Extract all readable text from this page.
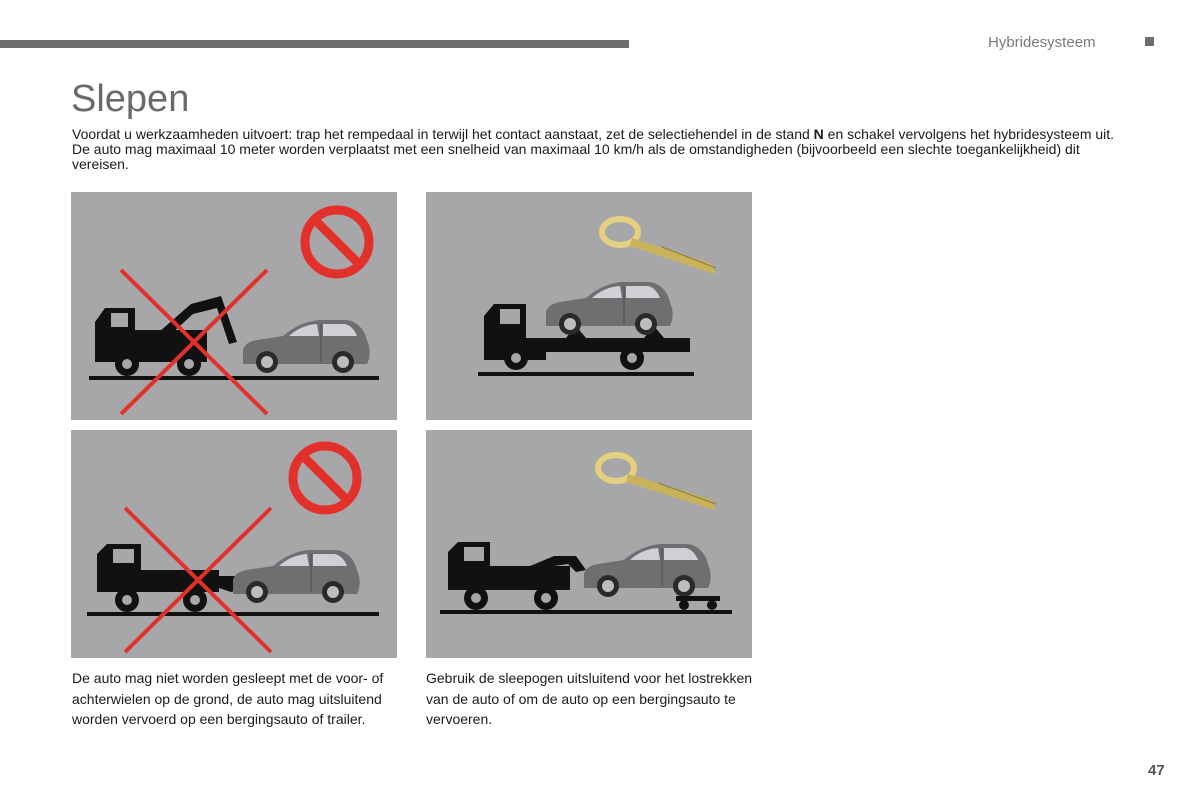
Hybridesysteem
Slepen

Voordat u werkzaamheden uitvoert: trap het rempedaal in terwijl het contact aanstaat, zet de selectiehendel in de stand N en schakel vervolgens het hybridesysteem uit.

De auto mag maximaal 10 meter worden verplaatst met een snelheid van maximaal 10 km/h als de omstandigheden (bijvoorbeeld een slechte toegankelijkheid) dit vereisen.

De auto mag niet worden gesleept met de voor- of achterwielen op de grond, de auto mag uitsluitend worden vervoerd op een bergingsauto of trailer.

Gebruik de sleepogen uitsluitend voor het lostrekken van de auto of om de auto op een bergingsauto te vervoeren.

47
